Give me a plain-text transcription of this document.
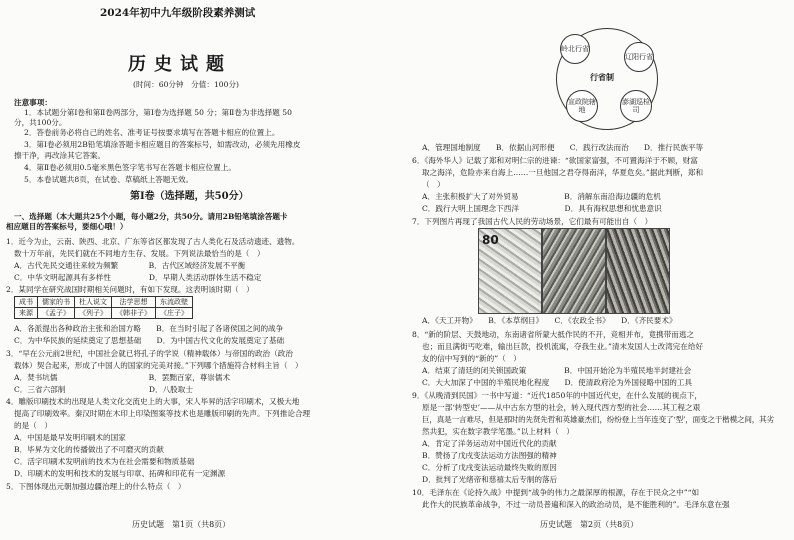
2024年初中九年级阶段素养测试
历史试题
(时间：60分钟　分值：100分)
注意事项：
1．本试题分第Ⅰ卷和第Ⅱ卷两部分，第Ⅰ卷为选择题 50 分；第Ⅱ卷为非选择题 50
分，共100分。
2．答卷前务必将自己的姓名、准考证号按要求填写在答题卡相应的位置上。
3．第Ⅰ卷必须用2B铅笔填涂答题卡相应题目的答案标号，如需改动，必须先用橡皮
擦干净，再改涂其它答案。
4．第Ⅱ卷必须用0.5毫米黑色签字笔书写在答题卡相应位置上。
5．本卷试题共8页，在试卷、草稿纸上答题无效。
第Ⅰ卷（选择题，共50分）
一、选择题（本大题共25个小题，每小题2分，共50分。请用2B铅笔填涂答题卡
相应题目的答案标号，要细心哦！）
1．近今为止，云南、陕西、北京、广东等省区都发现了古人类化石及活动遗迹、遗物。
数十万年前，先民们就在不同地方生存、发展。下列说法最恰当的是（　）
A．古代先民交通往来较为频繁　　　　B．古代区域经济发展不平衡
C．中华文明起源具有多样性　　　　　D．早期人类活动群体生活不稳定
2．某同学在研究战国时期相关问题时，有如下发现。这表明该时期（　）
成书	儒家的书	杜人说文	法学思想	东流政壁
来源	《孟子》	《列子》	《韩非子》	《庄子》
A．各派提出各种政治主张和治国方略　　B．在当时引起了各诸侯国之间的战争
C．为中华民族的延续奠定了思想基础　　D．为中国古代文化的发展奠定了基础
3．“早在公元前2世纪，中国社会就已将孔子的学说（精神载体）与帝国的政治（政治
载体）契合起来，形成了中国人的国家的完美对接。”下列哪个措施符合材料主旨（　）
A．焚书坑儒　　　　　　　　　　　　B．罢黜百家，尊崇儒术
C．三省六部制　　　　　　　　　　　D．八股取士
4．雕版印刷技术的出现是人类文化交流史上的大事，宋人毕昇的活字印刷术，又极大地
提高了印刷效率。秦汉时期在木印上印染图案等技术也是雕版印刷的先声。下列推论合理
的是（　）
A．中国是最早发明印刷术的国家
B．毕昇为文化的传播做出了不可磨灭的贡献
C．活字印刷术发明前的技术为在社会需要和物质基础
D．印刷术的发明和技术的发展与印章、拓碑和印花有一定渊源
5．下图体现出元朝加强边疆治理上的什么特点（　）
历史试题　第1页（共8页）
岭北行省
辽阳行省
行省制
宣政院辖地
澎湖巡检司
A．管理国地制度　　B．依据山河形便　　C．践行改法而治　　D．推行民族平等
6．《海外华人》记载了郑和对明仁宗的进谏：“欲国家富强，不可置海洋于不顾，财富
取之海洋，危险亦来自海上……一旦他国之君夺得南洋，华夏危矣。”据此判断，郑和
（　）
A．主张积极扩大了对外贸易　　　　　　B．消解东南沿海边疆的危机
C．践行大明上国理念下西洋　　　　　　D．具有海权思想和忧患意识
7．下列图片再现了我国古代人民的劳动场景，它们最有可能出自（　）
80
A．《天工开物》　　B．《本草纲目》　　C．《农政全书》　　D．《齐民要术》
8．“新的阶层、天鼓地动，东南诸省所蒙大抵作民的不开，竞相并布，竟携带而逃之
也；而且满街丐吃难，输出巨款，投机流寓，夺我生业。”清末发国人士改湾完在给好
友的信中写到的“新的”（　）
A．结束了清廷的闭关锁国政策　　　　　B．中国开始沦为半殖民地半封建社会
C．大大加深了中国的半殖民地化程度　　D．使清政府沦为外国侵略中国的工具
9．《从晚清到民国》一书中写道：“近代1850年的中国近代史，在什么发展的视点下，
原是一部‘转型史’——从中古东方型的社会，转入现代西方型的社会……其工程之艰
巨，真是一言难尽，但是那时的先贤先哲和英雄豪杰们，纷纷登上当年连变了‘型’，面变之于楷模之间，其劣
然共犯，实在数字教学笔墨。”以上材料（　）
A．肯定了洋务运动对中国近代化的贡献
B．赞扬了戊戌变法运动方法图强的精神
C．分析了戊戌变法运动最终失败的原因
D．批判了光绪帝和慈禧太后专制的落后
10．毛泽东在《论持久战》中提到“战争的伟力之最深厚的根源，存在于民众之中”“如
此作大的民族革命战争，不过一动员普遍和深入的政治动员，是不能胜利的”。毛泽东意在强
历史试题　第2页（共8页）
